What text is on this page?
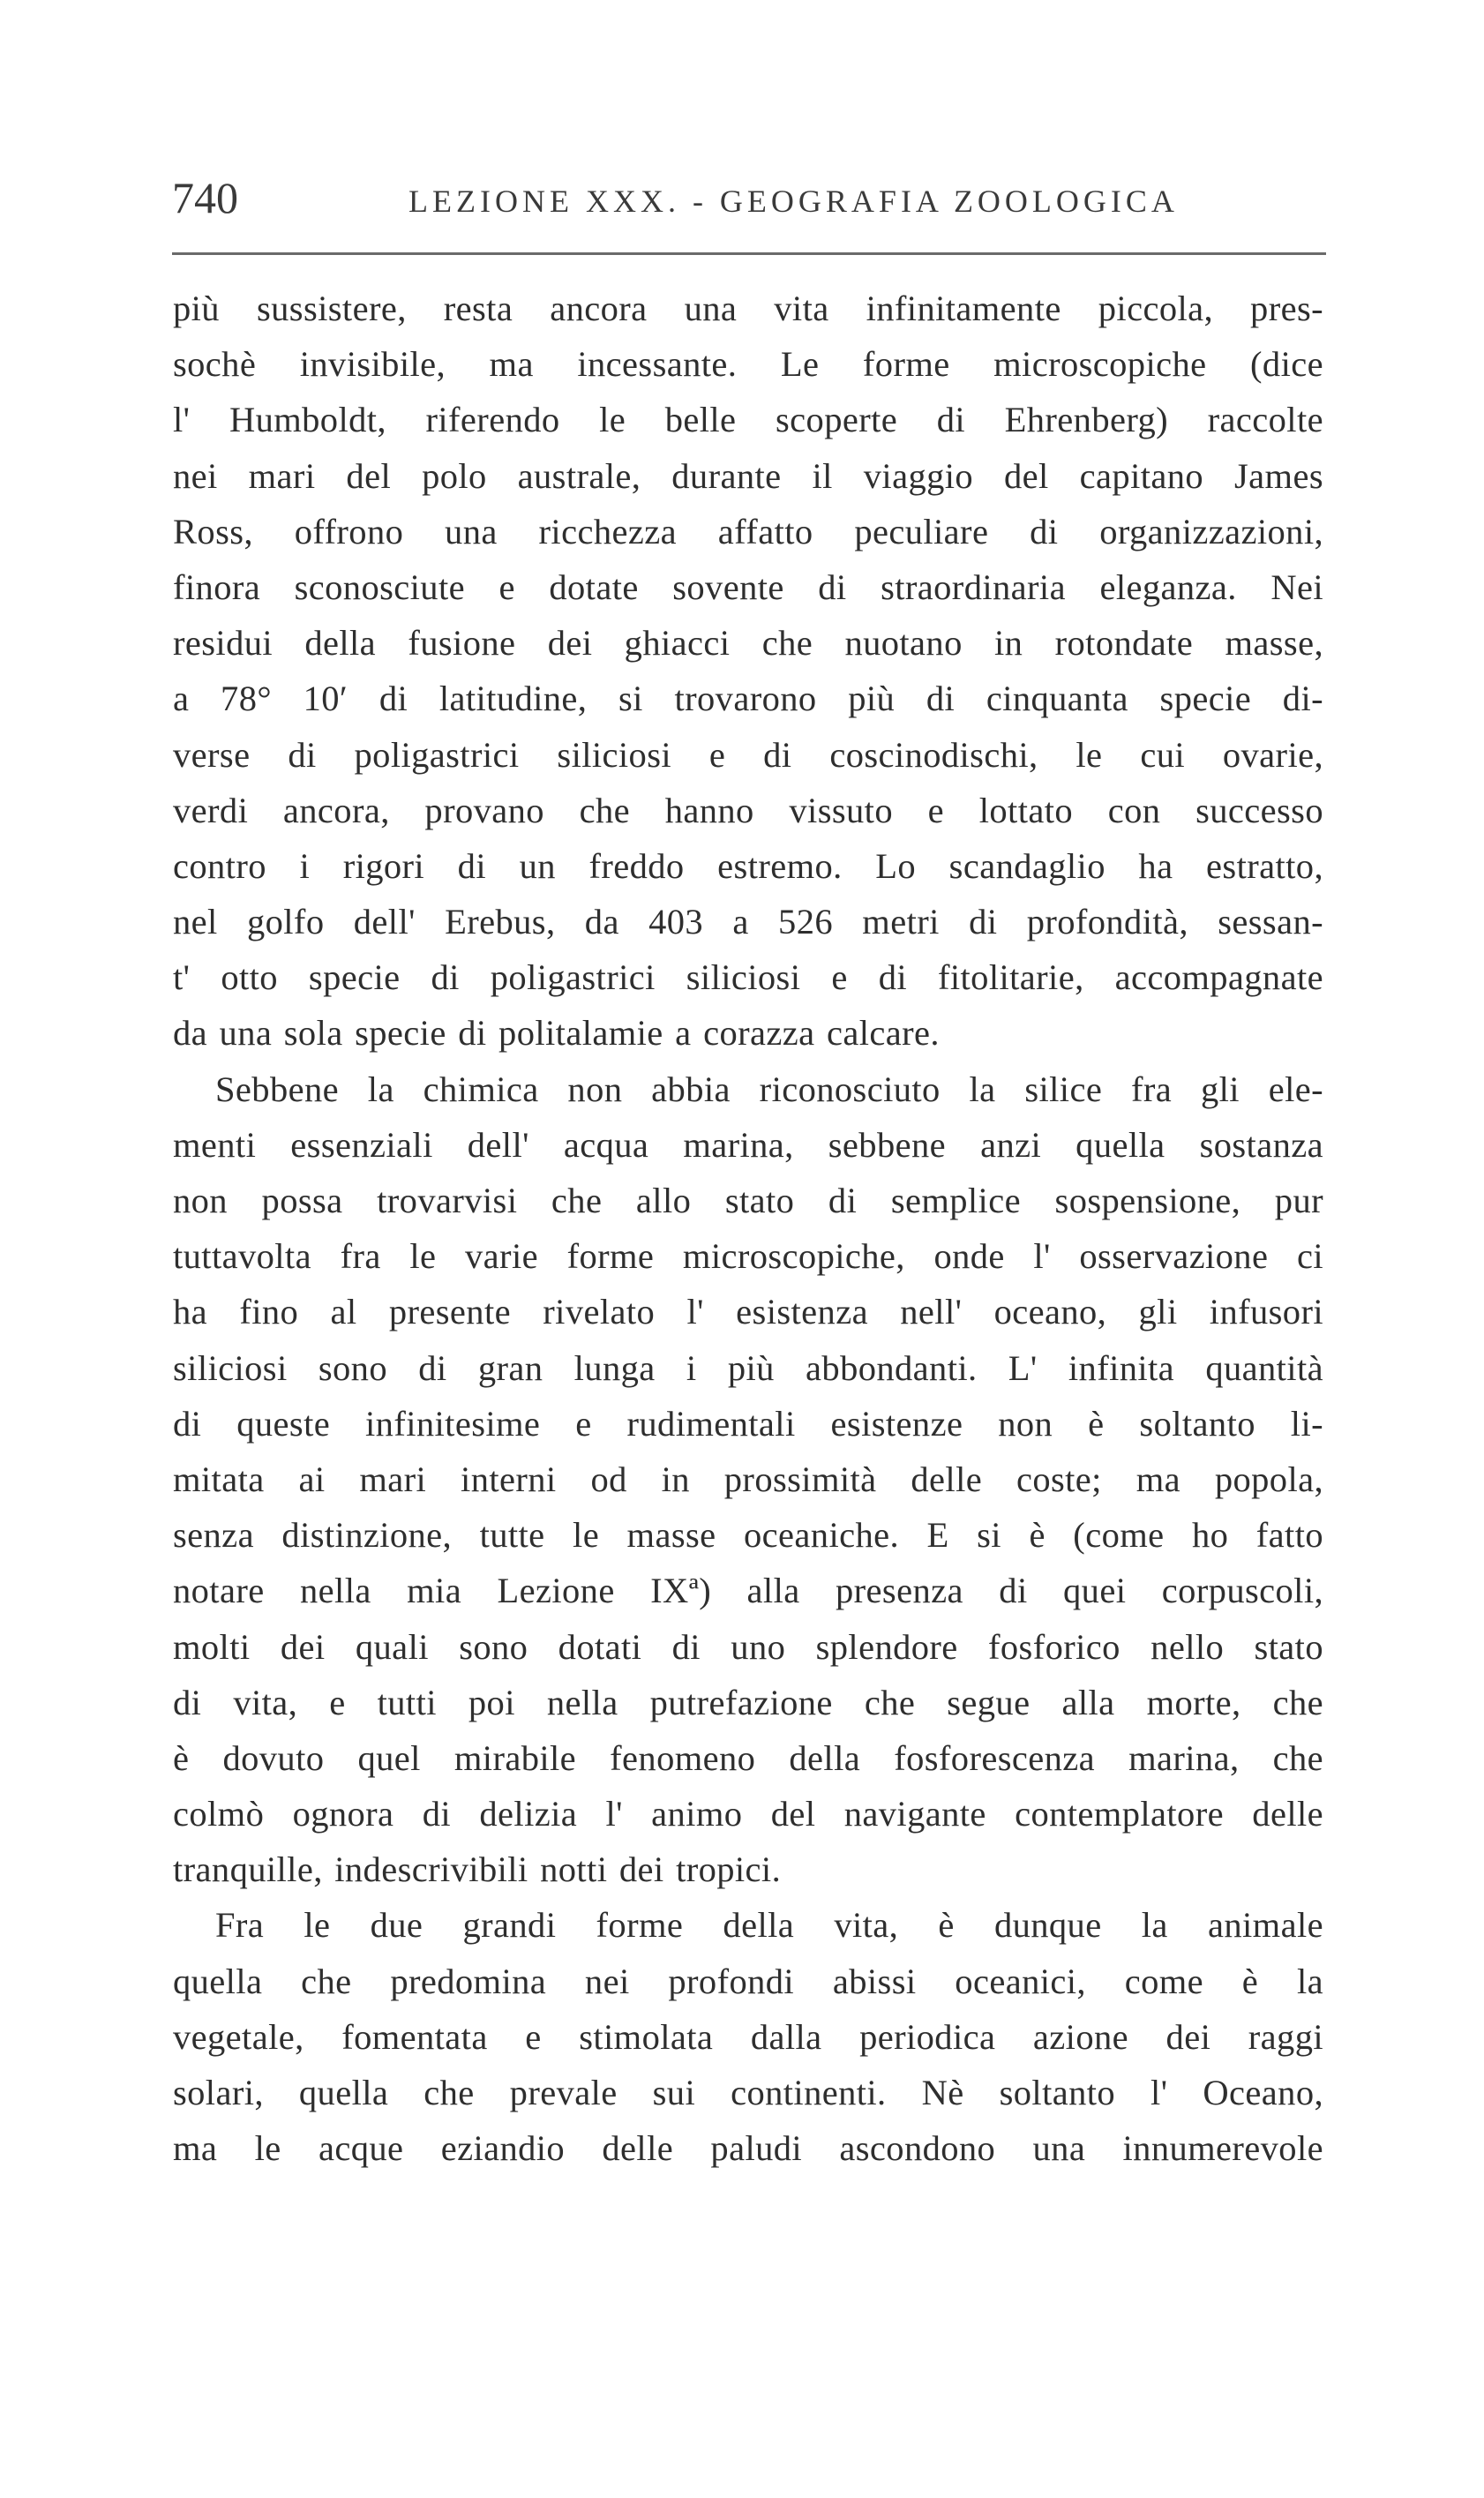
740	LEZIONE XXX. - GEOGRAFIA ZOOLOGICA
più sussistere, resta ancora una vita infinitamente piccola, pres-
sochè invisibile, ma incessante. Le forme microscopiche (dice
l' Humboldt, riferendo le belle scoperte di Ehrenberg) raccolte
nei mari del polo australe, durante il viaggio del capitano James
Ross, offrono una ricchezza affatto peculiare di organizzazioni,
finora sconosciute e dotate sovente di straordinaria eleganza. Nei
residui della fusione dei ghiacci che nuotano in rotondate masse,
a 78° 10′ di latitudine, si trovarono più di cinquanta specie di-
verse di poligastrici siliciosi e di coscinodischi, le cui ovarie,
verdi ancora, provano che hanno vissuto e lottato con successo
contro i rigori di un freddo estremo. Lo scandaglio ha estratto,
nel golfo dell' Erebus, da 403 a 526 metri di profondità, sessan-
t' otto specie di poligastrici siliciosi e di fitolitarie, accompagnate
da una sola specie di politalamie a corazza calcare.
Sebbene la chimica non abbia riconosciuto la silice fra gli ele-
menti essenziali dell' acqua marina, sebbene anzi quella sostanza
non possa trovarvisi che allo stato di semplice sospensione, pur
tuttavolta fra le varie forme microscopiche, onde l' osservazione ci
ha fino al presente rivelato l' esistenza nell' oceano, gli infusori
siliciosi sono di gran lunga i più abbondanti. L' infinita quantità
di queste infinitesime e rudimentali esistenze non è soltanto li-
mitata ai mari interni od in prossimità delle coste; ma popola,
senza distinzione, tutte le masse oceaniche. E si è (come ho fatto
notare nella mia Lezione IXª) alla presenza di quei corpuscoli,
molti dei quali sono dotati di uno splendore fosforico nello stato
di vita, e tutti poi nella putrefazione che segue alla morte, che
è dovuto quel mirabile fenomeno della fosforescenza marina, che
colmò ognora di delizia l' animo del navigante contemplatore delle
tranquille, indescrivibili notti dei tropici.
Fra le due grandi forme della vita, è dunque la animale
quella che predomina nei profondi abissi oceanici, come è la
vegetale, fomentata e stimolata dalla periodica azione dei raggi
solari, quella che prevale sui continenti. Nè soltanto l' Oceano,
ma le acque eziandio delle paludi ascondono una innumerevole
